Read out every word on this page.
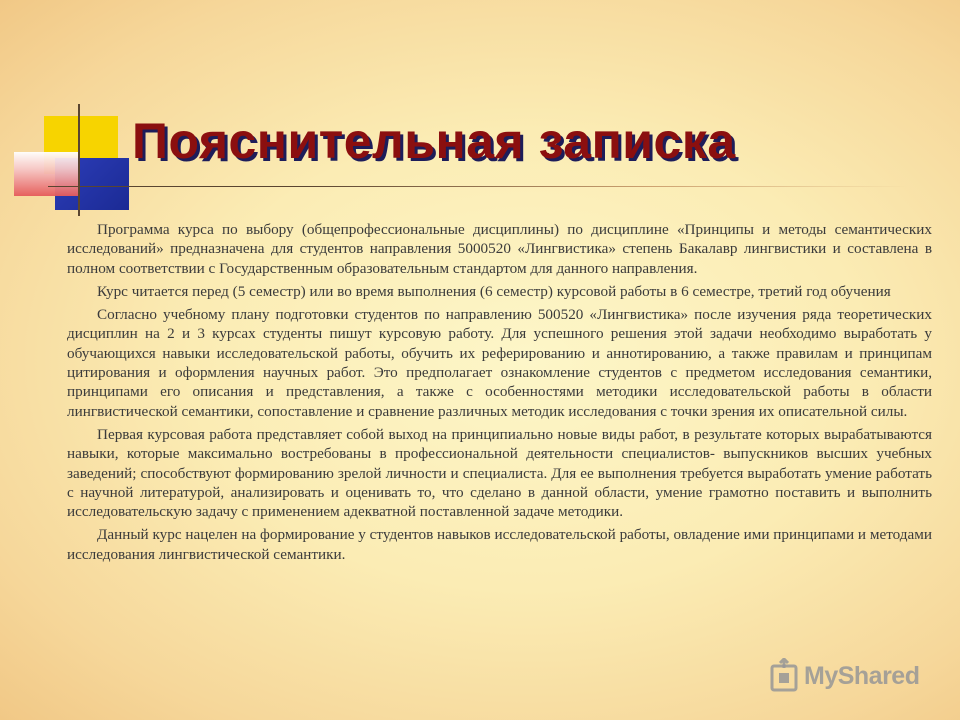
Пояснительная записка

Программа курса по выбору (общепрофессиональные дисциплины) по дисциплине «Принципы и методы семантических исследований» предназначена для студентов направления 5000520 «Лингвистика» степень Бакалавр лингвистики и составлена в полном соответствии с Государственным образовательным стандартом для данного направления.

Курс читается перед (5 семестр) или во время выполнения (6 семестр) курсовой работы в 6 семестре, третий год обучения

Согласно учебному плану подготовки студентов по направлению 500520 «Лингвистика» после изучения ряда теоретических дисциплин на 2 и 3 курсах студенты пишут курсовую работу. Для успешного решения этой задачи необходимо выработать у обучающихся навыки исследовательской работы, обучить их реферированию и аннотированию, а также правилам и принципам цитирования и оформления научных работ. Это предполагает ознакомление студентов с предметом исследования семантики, принципами его описания и представления, а также с особенностями методики исследовательской работы в области лингвистической семантики, сопоставление и сравнение различных методик исследования с точки зрения их описательной силы.

Первая курсовая работа представляет собой выход на принципиально новые виды работ, в результате которых вырабатываются навыки, которые максимально востребованы в профессиональной деятельности специалистов- выпускников высших учебных заведений; способствуют формированию зрелой личности и специалиста. Для ее выполнения требуется выработать умение работать с научной литературой, анализировать и оценивать то, что сделано в данной области, умение грамотно поставить и выполнить исследовательскую задачу с применением адекватной поставленной задаче методики.

Данный курс нацелен на формирование у студентов навыков исследовательской работы, овладение ими принципами и методами исследования лингвистической семантики.

MyShared
